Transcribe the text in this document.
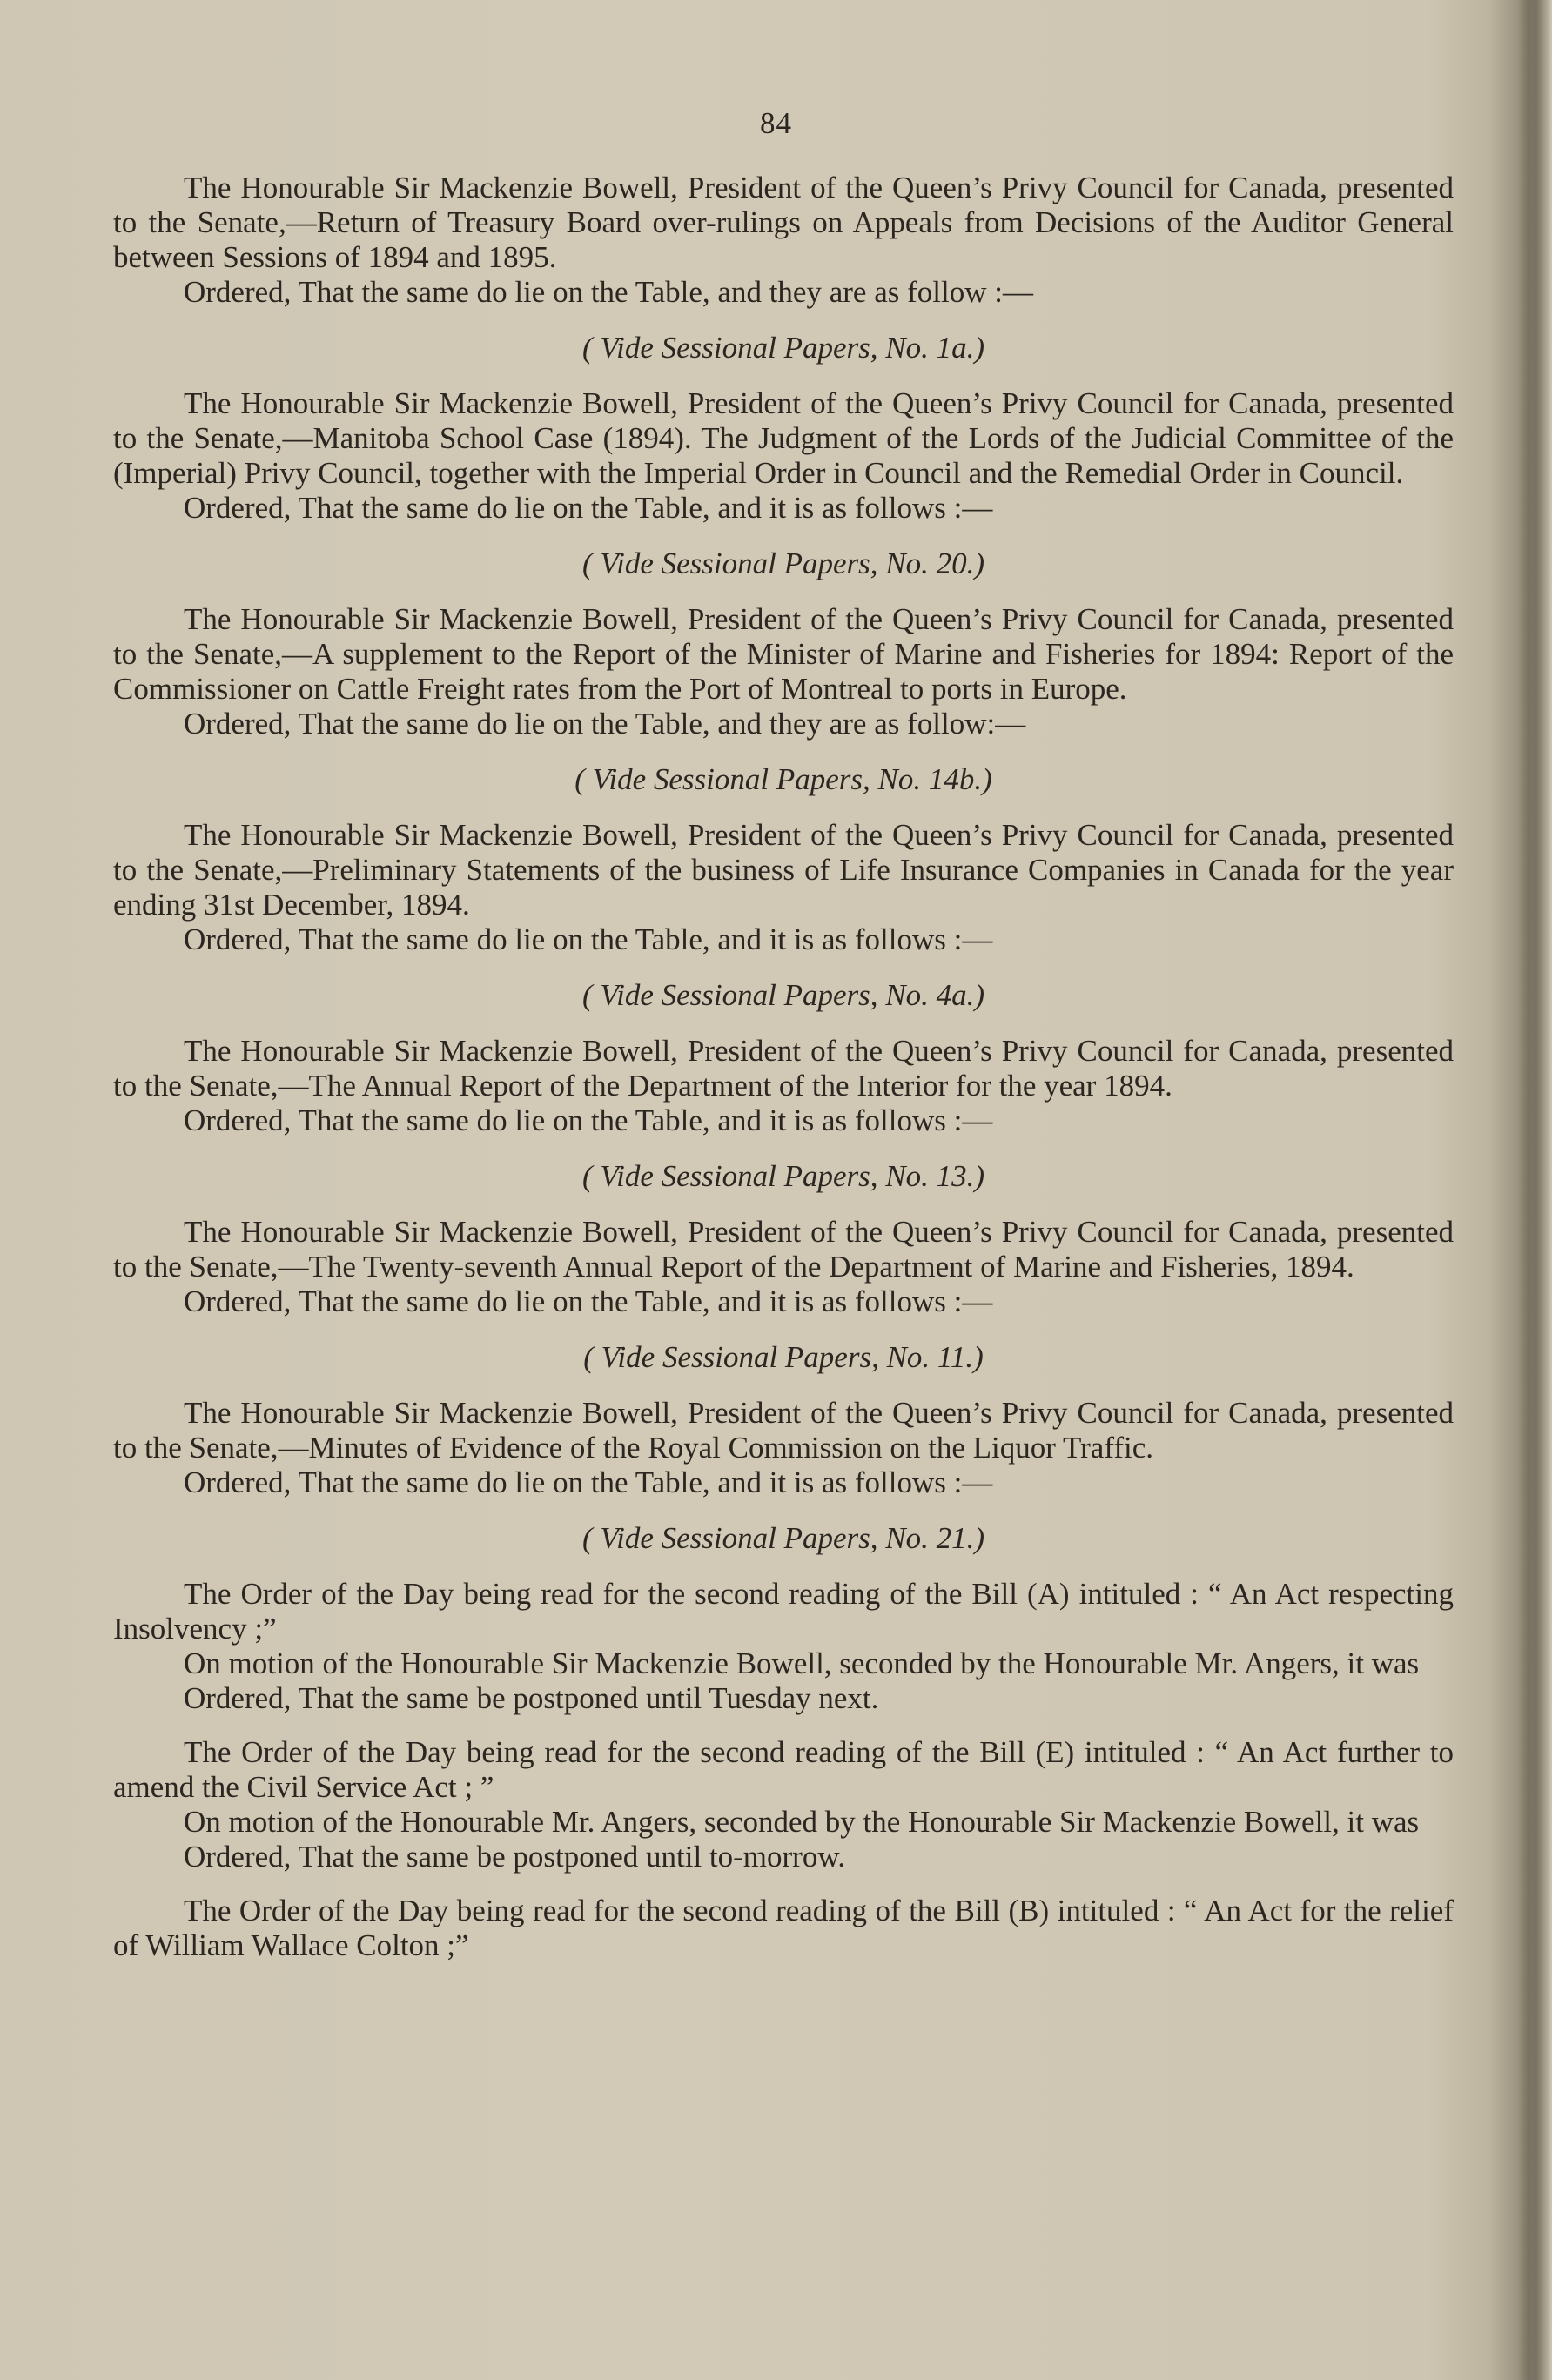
84

The Honourable Sir Mackenzie Bowell, President of the Queen’s Privy Council for Canada, presented to the Senate,—Return of Treasury Board over-rulings on Appeals from Decisions of the Auditor General between Sessions of 1894 and 1895.

Ordered, That the same do lie on the Table, and they are as follow :—

( Vide Sessional Papers, No. 1a.)

The Honourable Sir Mackenzie Bowell, President of the Queen’s Privy Council for Canada, presented to the Senate,—Manitoba School Case (1894). The Judgment of the Lords of the Judicial Committee of the (Imperial) Privy Council, together with the Imperial Order in Council and the Remedial Order in Council.

Ordered, That the same do lie on the Table, and it is as follows :—

( Vide Sessional Papers, No. 20.)

The Honourable Sir Mackenzie Bowell, President of the Queen’s Privy Council for Canada, presented to the Senate,—A supplement to the Report of the Minister of Marine and Fisheries for 1894: Report of the Commissioner on Cattle Freight rates from the Port of Montreal to ports in Europe.

Ordered, That the same do lie on the Table, and they are as follow:—

( Vide Sessional Papers, No. 14b.)

The Honourable Sir Mackenzie Bowell, President of the Queen’s Privy Council for Canada, presented to the Senate,—Preliminary Statements of the business of Life Insurance Companies in Canada for the year ending 31st December, 1894.

Ordered, That the same do lie on the Table, and it is as follows :—

( Vide Sessional Papers, No. 4a.)

The Honourable Sir Mackenzie Bowell, President of the Queen’s Privy Council for Canada, presented to the Senate,—The Annual Report of the Department of the Interior for the year 1894.

Ordered, That the same do lie on the Table, and it is as follows :—

( Vide Sessional Papers, No. 13.)

The Honourable Sir Mackenzie Bowell, President of the Queen’s Privy Council for Canada, presented to the Senate,—The Twenty-seventh Annual Report of the Department of Marine and Fisheries, 1894.

Ordered, That the same do lie on the Table, and it is as follows :—

( Vide Sessional Papers, No. 11.)

The Honourable Sir Mackenzie Bowell, President of the Queen’s Privy Council for Canada, presented to the Senate,—Minutes of Evidence of the Royal Commission on the Liquor Traffic.

Ordered, That the same do lie on the Table, and it is as follows :—

( Vide Sessional Papers, No. 21.)

The Order of the Day being read for the second reading of the Bill (A) intituled : “ An Act respecting Insolvency ;”

On motion of the Honourable Sir Mackenzie Bowell, seconded by the Honourable Mr. Angers, it was

Ordered, That the same be postponed until Tuesday next.

The Order of the Day being read for the second reading of the Bill (E) intituled : “ An Act further to amend the Civil Service Act ; ”

On motion of the Honourable Mr. Angers, seconded by the Honourable Sir Mackenzie Bowell, it was

Ordered, That the same be postponed until to-morrow.

The Order of the Day being read for the second reading of the Bill (B) intituled : “ An Act for the relief of William Wallace Colton ;”
